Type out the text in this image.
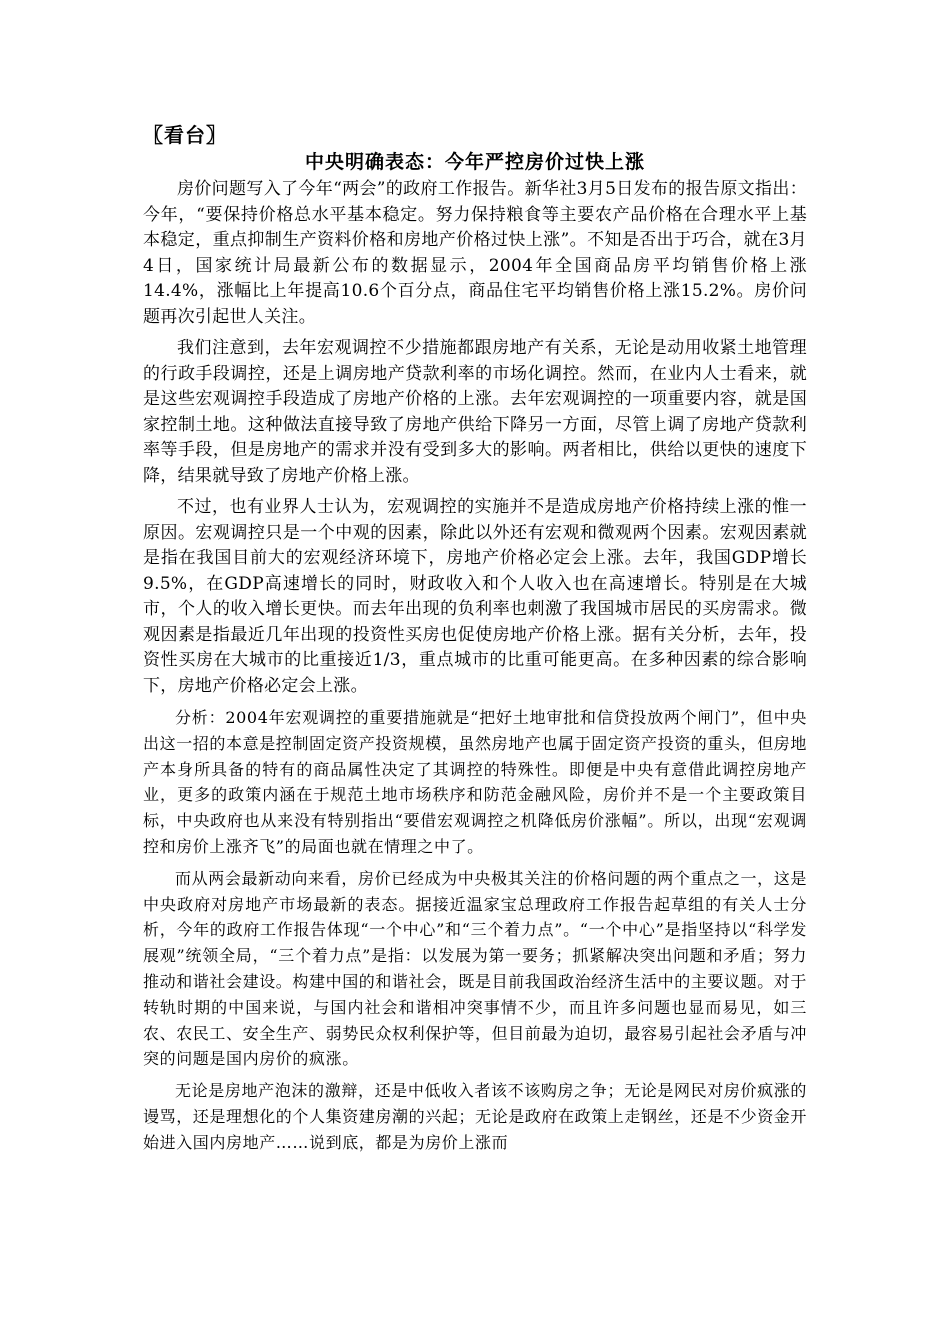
〖看台〗
中央明确表态：今年严控房价过快上涨

房价问题写入了今年“两会”的政府工作报告。新华社3月5日发布的报告原文指出：今年，“要保持价格总水平基本稳定。努力保持粮食等主要农产品价格在合理水平上基本稳定，重点抑制生产资料价格和房地产价格过快上涨”。不知是否出于巧合，就在3月4日，国家统计局最新公布的数据显示，2004年全国商品房平均销售价格上涨14.4%，涨幅比上年提高10.6个百分点，商品住宅平均销售价格上涨15.2%。房价问题再次引起世人关注。

我们注意到，去年宏观调控不少措施都跟房地产有关系，无论是动用收紧土地管理的行政手段调控，还是上调房地产贷款利率的市场化调控。然而，在业内人士看来，就是这些宏观调控手段造成了房地产价格的上涨。去年宏观调控的一项重要内容，就是国家控制土地。这种做法直接导致了房地产供给下降另一方面，尽管上调了房地产贷款利率等手段，但是房地产的需求并没有受到多大的影响。两者相比，供给以更快的速度下降，结果就导致了房地产价格上涨。

不过，也有业界人士认为，宏观调控的实施并不是造成房地产价格持续上涨的惟一原因。宏观调控只是一个中观的因素，除此以外还有宏观和微观两个因素。宏观因素就是指在我国目前大的宏观经济环境下，房地产价格必定会上涨。去年，我国GDP增长9.5%，在GDP高速增长的同时，财政收入和个人收入也在高速增长。特别是在大城市，个人的收入增长更快。而去年出现的负利率也刺激了我国城市居民的买房需求。微观因素是指最近几年出现的投资性买房也促使房地产价格上涨。据有关分析，去年，投资性买房在大城市的比重接近1/3，重点城市的比重可能更高。在多种因素的综合影响下，房地产价格必定会上涨。

分析：2004年宏观调控的重要措施就是“把好土地审批和信贷投放两个闸门”，但中央出这一招的本意是控制固定资产投资规模，虽然房地产也属于固定资产投资的重头，但房地产本身所具备的特有的商品属性决定了其调控的特殊性。即便是中央有意借此调控房地产业，更多的政策内涵在于规范土地市场秩序和防范金融风险，房价并不是一个主要政策目标，中央政府也从来没有特别指出“要借宏观调控之机降低房价涨幅”。所以，出现“宏观调控和房价上涨齐飞”的局面也就在情理之中了。

而从两会最新动向来看，房价已经成为中央极其关注的价格问题的两个重点之一，这是中央政府对房地产市场最新的表态。据接近温家宝总理政府工作报告起草组的有关人士分析，今年的政府工作报告体现“一个中心”和“三个着力点”。“一个中心”是指坚持以“科学发展观”统领全局，“三个着力点”是指：以发展为第一要务；抓紧解决突出问题和矛盾；努力推动和谐社会建设。构建中国的和谐社会，既是目前我国政治经济生活中的主要议题。对于转轨时期的中国来说，与国内社会和谐相冲突事情不少，而且许多问题也显而易见，如三农、农民工、安全生产、弱势民众权利保护等，但目前最为迫切，最容易引起社会矛盾与冲突的问题是国内房价的疯涨。

无论是房地产泡沫的激辩，还是中低收入者该不该购房之争；无论是网民对房价疯涨的谩骂，还是理想化的个人集资建房潮的兴起；无论是政府在政策上走钢丝，还是不少资金开始进入国内房地产……说到底，都是为房价上涨而
